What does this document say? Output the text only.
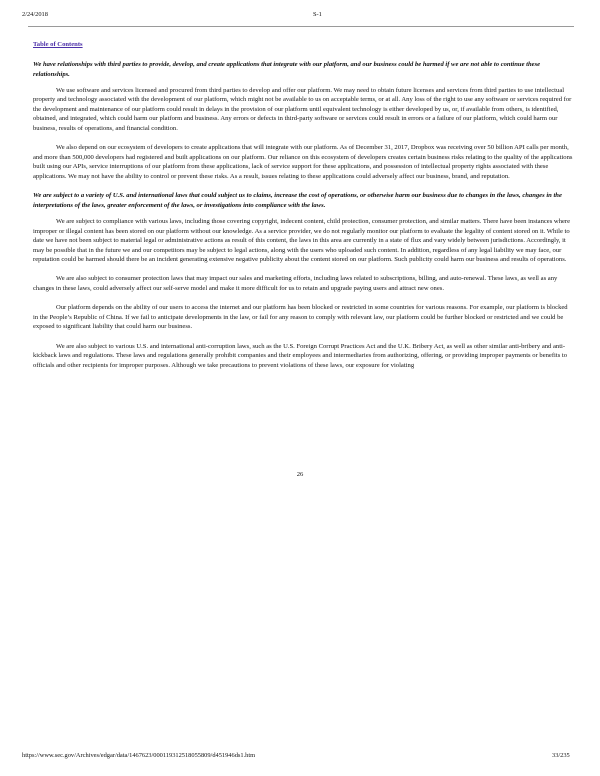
2/24/2018	S-1
Table of Contents

We have relationships with third parties to provide, develop, and create applications that integrate with our platform, and our business could be harmed if we are not able to continue these relationships.

We use software and services licensed and procured from third parties to develop and offer our platform. We may need to obtain future licenses and services from third parties to use intellectual property and technology associated with the development of our platform, which might not be available to us on acceptable terms, or at all. Any loss of the right to use any software or services required for the development and maintenance of our platform could result in delays in the provision of our platform until equivalent technology is either developed by us, or, if available from others, is identified, obtained, and integrated, which could harm our platform and business. Any errors or defects in third-party software or services could result in errors or a failure of our platform, which could harm our business, results of operations, and financial condition.

We also depend on our ecosystem of developers to create applications that will integrate with our platform. As of December 31, 2017, Dropbox was receiving over 50 billion API calls per month, and more than 500,000 developers had registered and built applications on our platform. Our reliance on this ecosystem of developers creates certain business risks relating to the quality of the applications built using our APIs, service interruptions of our platform from these applications, lack of service support for these applications, and possession of intellectual property rights associated with these applications. We may not have the ability to control or prevent these risks. As a result, issues relating to these applications could adversely affect our business, brand, and reputation.

We are subject to a variety of U.S. and international laws that could subject us to claims, increase the cost of operations, or otherwise harm our business due to changes in the laws, changes in the interpretations of the laws, greater enforcement of the laws, or investigations into compliance with the laws.

We are subject to compliance with various laws, including those covering copyright, indecent content, child protection, consumer protection, and similar matters. There have been instances where improper or illegal content has been stored on our platform without our knowledge. As a service provider, we do not regularly monitor our platform to evaluate the legality of content stored on it. While to date we have not been subject to material legal or administrative actions as result of this content, the laws in this area are currently in a state of flux and vary widely between jurisdictions. Accordingly, it may be possible that in the future we and our competitors may be subject to legal actions, along with the users who uploaded such content. In addition, regardless of any legal liability we may face, our reputation could be harmed should there be an incident generating extensive negative publicity about the content stored on our platform. Such publicity could harm our business and results of operations.

We are also subject to consumer protection laws that may impact our sales and marketing efforts, including laws related to subscriptions, billing, and auto-renewal. These laws, as well as any changes in these laws, could adversely affect our self-serve model and make it more difficult for us to retain and upgrade paying users and attract new ones.

Our platform depends on the ability of our users to access the internet and our platform has been blocked or restricted in some countries for various reasons. For example, our platform is blocked in the People’s Republic of China. If we fail to anticipate developments in the law, or fail for any reason to comply with relevant law, our platform could be further blocked or restricted and we could be exposed to significant liability that could harm our business.

We are also subject to various U.S. and international anti-corruption laws, such as the U.S. Foreign Corrupt Practices Act and the U.K. Bribery Act, as well as other similar anti-bribery and anti-kickback laws and regulations. These laws and regulations generally prohibit companies and their employees and intermediaries from authorizing, offering, or providing improper payments or benefits to officials and other recipients for improper purposes. Although we take precautions to prevent violations of these laws, our exposure for violating

26
https://www.sec.gov/Archives/edgar/data/1467623/000119312518055809/d451946ds1.htm	33/235
